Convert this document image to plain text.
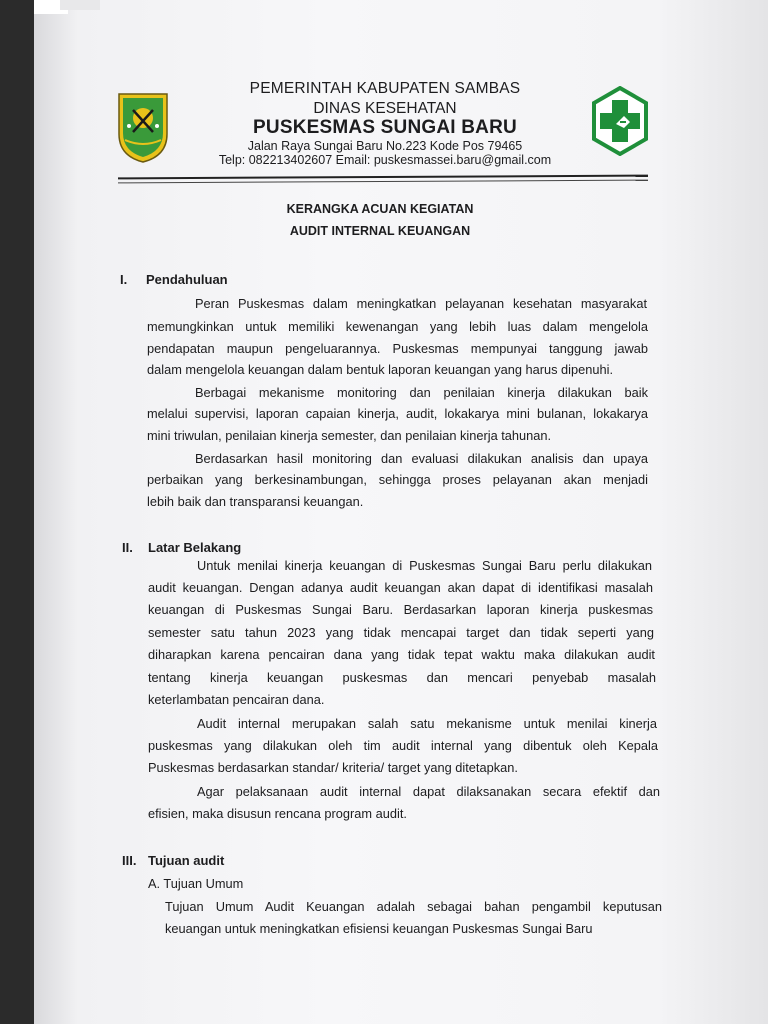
PEMERINTAH KABUPATEN SAMBAS
DINAS KESEHATAN
PUSKESMAS SUNGAI BARU
Jalan Raya Sungai Baru No.223 Kode Pos 79465
Telp: 082213402607 Email: puskesmassei.baru@gmail.com
KERANGKA ACUAN KEGIATAN
AUDIT INTERNAL KEUANGAN
I. Pendahuluan
Peran Puskesmas dalam meningkatkan pelayanan kesehatan masyarakat
memungkinkan untuk memiliki kewenangan yang lebih luas dalam mengelola
pendapatan maupun pengeluarannya. Puskesmas mempunyai tanggung jawab
dalam mengelola keuangan dalam bentuk laporan keuangan yang harus dipenuhi.
Berbagai mekanisme monitoring dan penilaian kinerja dilakukan baik
melalui supervisi, laporan capaian kinerja, audit, lokakarya mini bulanan, lokakarya
mini triwulan, penilaian kinerja semester, dan penilaian kinerja tahunan.
Berdasarkan hasil monitoring dan evaluasi dilakukan analisis dan upaya
perbaikan yang berkesinambungan, sehingga proses pelayanan akan menjadi
lebih baik dan transparansi keuangan.
II. Latar Belakang
Untuk menilai kinerja keuangan di Puskesmas Sungai Baru perlu dilakukan
audit keuangan. Dengan adanya audit keuangan akan dapat di identifikasi masalah
keuangan di Puskesmas Sungai Baru. Berdasarkan laporan kinerja puskesmas
semester satu tahun 2023 yang tidak mencapai target dan tidak seperti yang
diharapkan karena pencairan dana yang tidak tepat waktu maka dilakukan audit
tentang kinerja keuangan puskesmas dan mencari penyebab masalah
keterlambatan pencairan dana.
Audit internal merupakan salah satu mekanisme untuk menilai kinerja
puskesmas yang dilakukan oleh tim audit internal yang dibentuk oleh Kepala
Puskesmas berdasarkan standar/ kriteria/ target yang ditetapkan.
Agar pelaksanaan audit internal dapat dilaksanakan secara efektif dan
efisien, maka disusun rencana program audit.
III. Tujuan audit
A. Tujuan Umum
Tujuan Umum Audit Keuangan adalah sebagai bahan pengambil keputusan
keuangan untuk meningkatkan efisiensi keuangan Puskesmas Sungai Baru
